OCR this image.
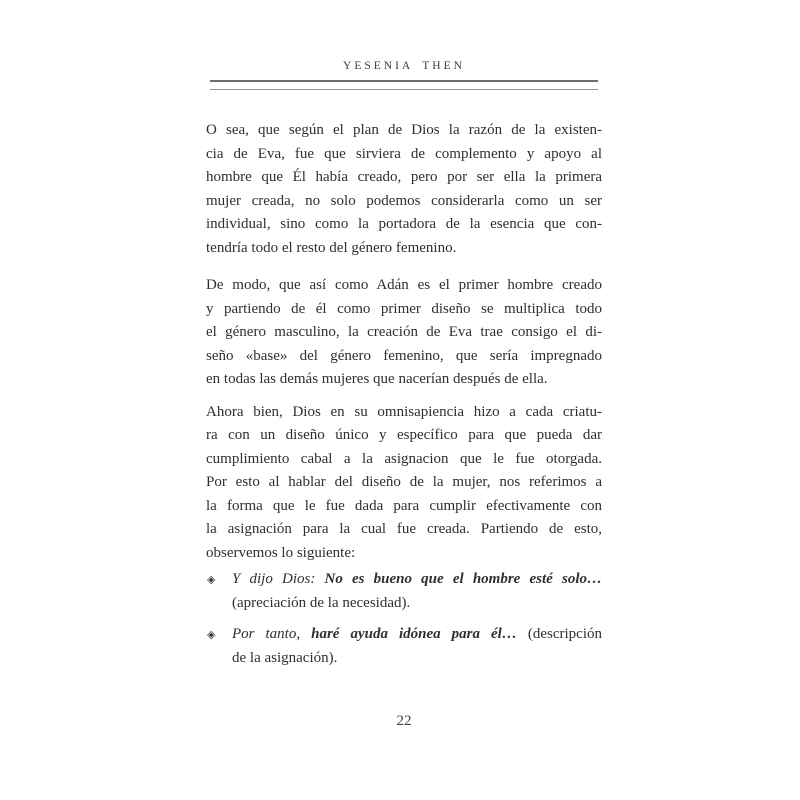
YESENIA THEN
O sea, que según el plan de Dios la razón de la existen-
cia de Eva, fue que sirviera de complemento y apoyo al
hombre que Él había creado, pero por ser ella la primera
mujer creada, no solo podemos considerarla como un ser
individual, sino como la portadora de la esencia que con-
tendría todo el resto del género femenino.
De modo, que así como Adán es el primer hombre creado
y partiendo de él como primer diseño se multiplica todo
el género masculino, la creación de Eva trae consigo el di-
seño «base» del género femenino, que sería impregnado
en todas las demás mujeres que nacerían después de ella.
Ahora bien, Dios en su omnisapiencia hizo a cada criatu-
ra con un diseño único y específico para que pueda dar
cumplimiento cabal a la asignacion que le fue otorgada.
Por esto al hablar del diseño de la mujer, nos referimos a
la forma que le fue dada para cumplir efectivamente con
la asignación para la cual fue creada. Partiendo de esto,
observemos lo siguiente:
◈	Y dijo Dios: No es bueno que el hombre esté solo…
(apreciación de la necesidad).
◈	Por tanto, haré ayuda idónea para él… (descripción
de la asignación).
22
